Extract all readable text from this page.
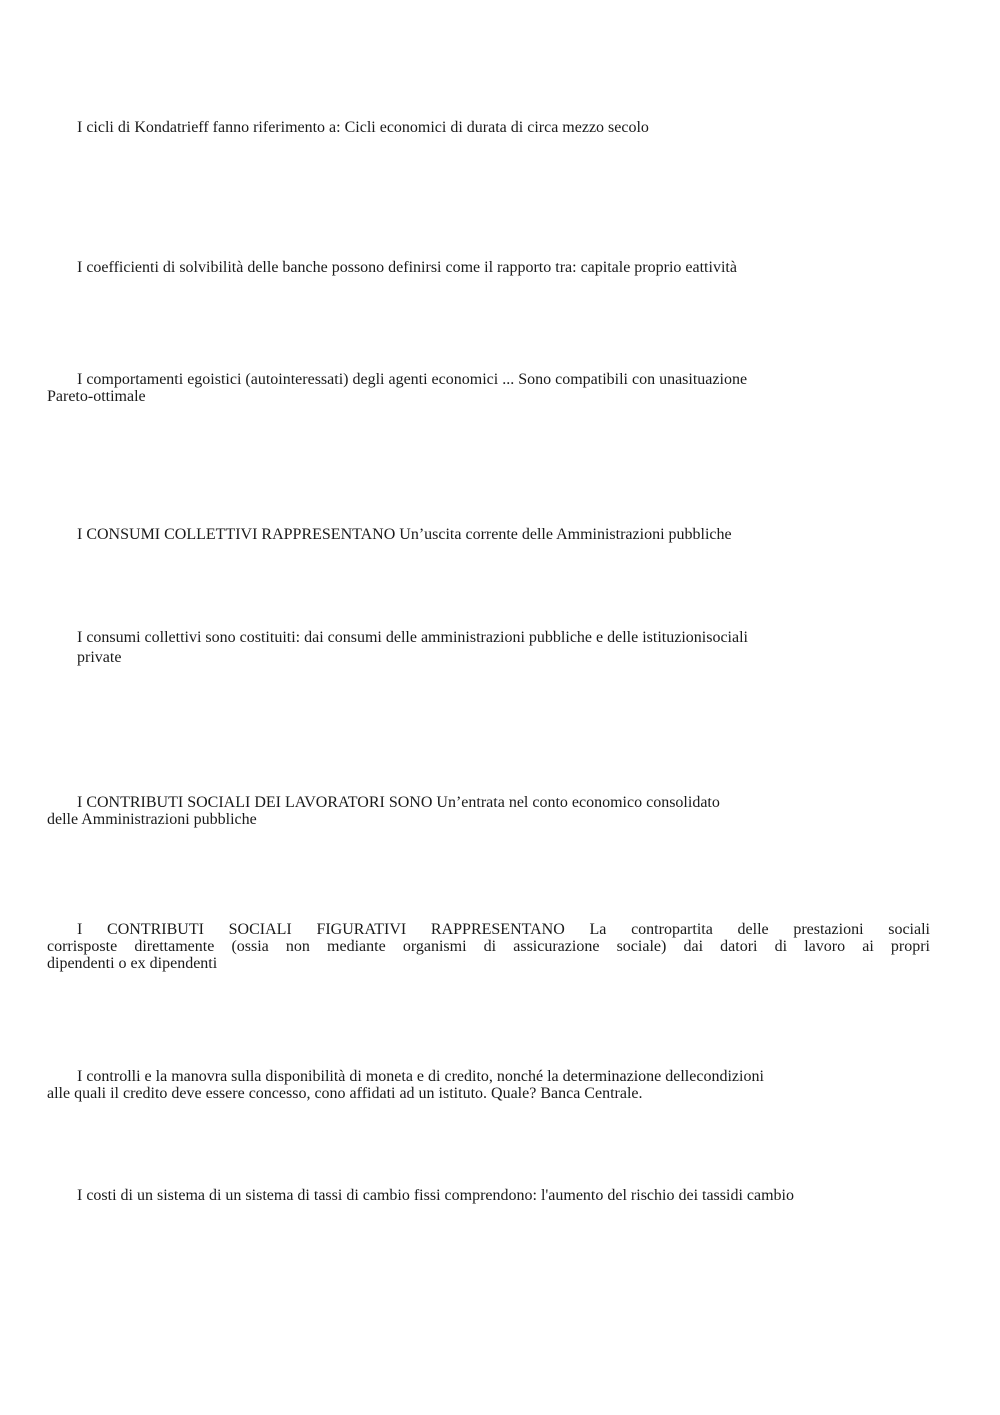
I cicli di Kondatrieff fanno riferimento a: Cicli economici di durata di circa mezzo secolo

I coefficienti di solvibilità delle banche possono definirsi come il rapporto tra: capitale proprio eattività

I comportamenti egoistici (autointeressati) degli agenti economici ... Sono compatibili con unasituazione
Pareto-ottimale

I CONSUMI COLLETTIVI RAPPRESENTANO Un’uscita corrente delle Amministrazioni pubbliche

I consumi collettivi sono costituiti: dai consumi delle amministrazioni pubbliche e delle istituzionisociali
private

I CONTRIBUTI SOCIALI DEI LAVORATORI SONO Un’entrata nel conto economico consolidato
delle Amministrazioni pubbliche

I CONTRIBUTI SOCIALI FIGURATIVI RAPPRESENTANO La contropartita delle prestazioni sociali
corrisposte direttamente (ossia non mediante organismi di assicurazione sociale) dai datori di lavoro ai propri
dipendenti o ex dipendenti

I controlli e la manovra sulla disponibilità di moneta e di credito, nonché la determinazione dellecondizioni
alle quali il credito deve essere concesso, cono affidati ad un istituto. Quale? Banca Centrale.

I costi di un sistema di un sistema di tassi di cambio fissi comprendono: l'aumento del rischio dei tassidi cambio
